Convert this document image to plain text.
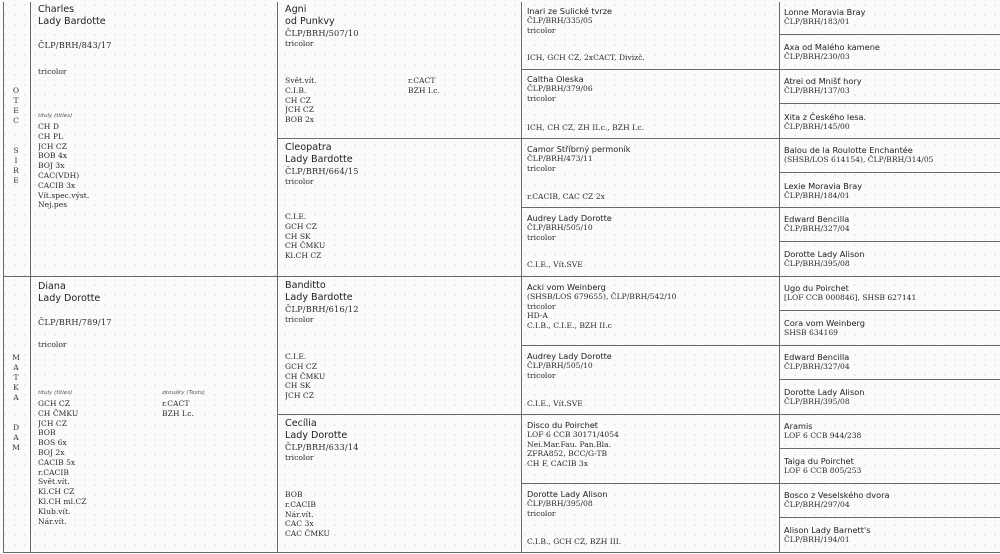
O
T
E
C
S
I
R
E
M
A
T
K
A
D
A
M
Charles
Lady Bardotte
ČLP/BRH/843/17
tricolor
tituly (titles)
CH D
CH PL
JCH CZ
BOB 4x
BOJ 3x
CAC(VDH)
CACIB 3x
Vít.spec.výst.
Nej.pes
Diana
Lady Dorotte
ČLP/BRH/789/17
tricolor
tituly (titles)	zkoušky (Tests)
GCH CZ
CH ČMKU
JCH CZ
BOB
BOS 6x
BOJ 2x
CACIB 5x
r.CACIB
Svět.vít.
Kl.CH CZ
Kl.CH ml.CZ
Klub.vít.
Nár.vít.
r.CACT
BZH I.c.
Agni
od Punkvy
ČLP/BRH/507/10
tricolor
Svět.vít.
C.I.B.
CH CZ
JCH CZ
BOB 2x
r.CACT
BZH I.c.
Cleopatra
Lady Bardotte
ČLP/BRH/664/15
tricolor
C.I.E.
GCH CZ
CH SK
CH ČMKU
Kl.CH CZ
Banditto
Lady Bardotte
ČLP/BRH/616/12
tricolor
C.I.E.
GCH CZ
CH ČMKU
CH SK
JCH CZ
Cecília
Lady Dorotte
ČLP/BRH/633/14
tricolor
BOB
r.CACIB
Nár.vít.
CAC 3x
CAC ČMKU
Inari ze Sulické tvrze
ČLP/BRH/335/05
tricolor
ICH, GCH CZ, 2xCACT, Divizč.
Caltha Oleska
ČLP/BRH/379/06
tricolor
ICH, CH CZ, ZH II.c., BZH I.c.
Camor Stříbrný permoník
ČLP/BRH/473/11
tricolor
r.CACIB, CAC CZ 2x
Audrey Lady Dorotte
ČLP/BRH/505/10
tricolor
C.I.E., Vít.SVE
Acki vom Weinberg
(SHSB/LOS 679655), ČLP/BRH/542/10
tricolor
HD-A
C.I.B., C.I.E., BZH II.c
Audrey Lady Dorotte
ČLP/BRH/505/10
tricolor
C.I.E., Vít.SVE
Disco du Poirchet
LOF 6 CCB 30171/4054
Nei.Mar.Fau. Pan.Bla.
ZFRA852, BCC/G-TB
CH F, CACIB 3x
Dorotte Lady Alison
ČLP/BRH/395/08
tricolor
C.I.B., GCH CZ, BZH III.
Lonne Moravia Bray
ČLP/BRH/183/01
Axa od Malého kamene
ČLP/BRH/230/03
Atrei od Mnišť hory
ČLP/BRH/137/03
Xita z Českého lesa.
ČLP/BRH/145/00
Balou de la Roulotte Enchantée
(SHSB/LOS 614154), ČLP/BRH/314/05
Lexie Moravia Bray
ČLP/BRH/184/01
Edward Bencilla
ČLP/BRH/327/04
Dorotte Lady Alison
ČLP/BRH/395/08
Ugo du Poirchet
[LOF CCB 000846], SHSB 627141
Cora vom Weinberg
SHSB 634169
Edward Bencilla
ČLP/BRH/327/04
Dorotte Lady Alison
ČLP/BRH/395/08
Aramis
LOF 6 CCB 944/238
Taiga du Poirchet
LOF 6 CCB 805/253
Bosco z Veselského dvora
ČLP/BRH/297/04
Alison Lady Barnett's
ČLP/BRH/194/01
